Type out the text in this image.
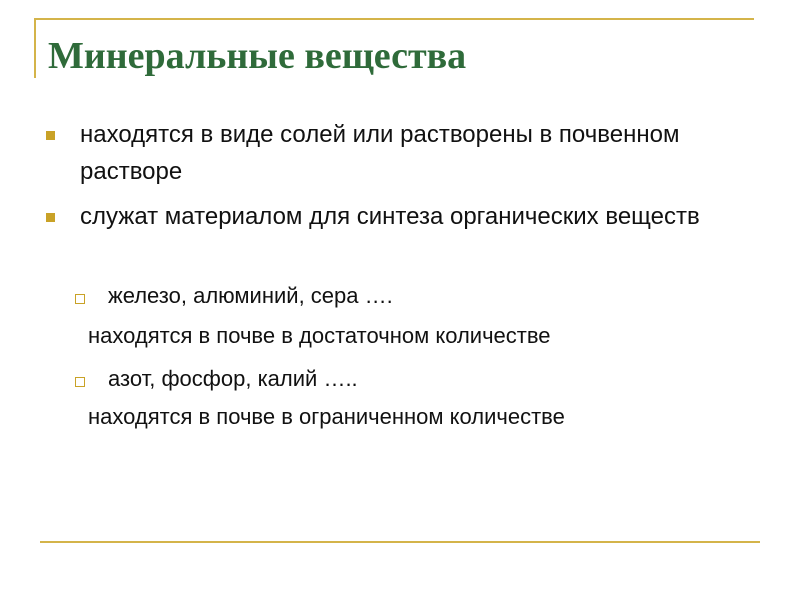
Минеральные вещества
находятся в виде солей или растворены в почвенном растворе
служат материалом для синтеза органических веществ
железо, алюминий, сера ….
находятся в почве в достаточном количестве
азот, фосфор, калий …..
находятся в почве в ограниченном количестве
